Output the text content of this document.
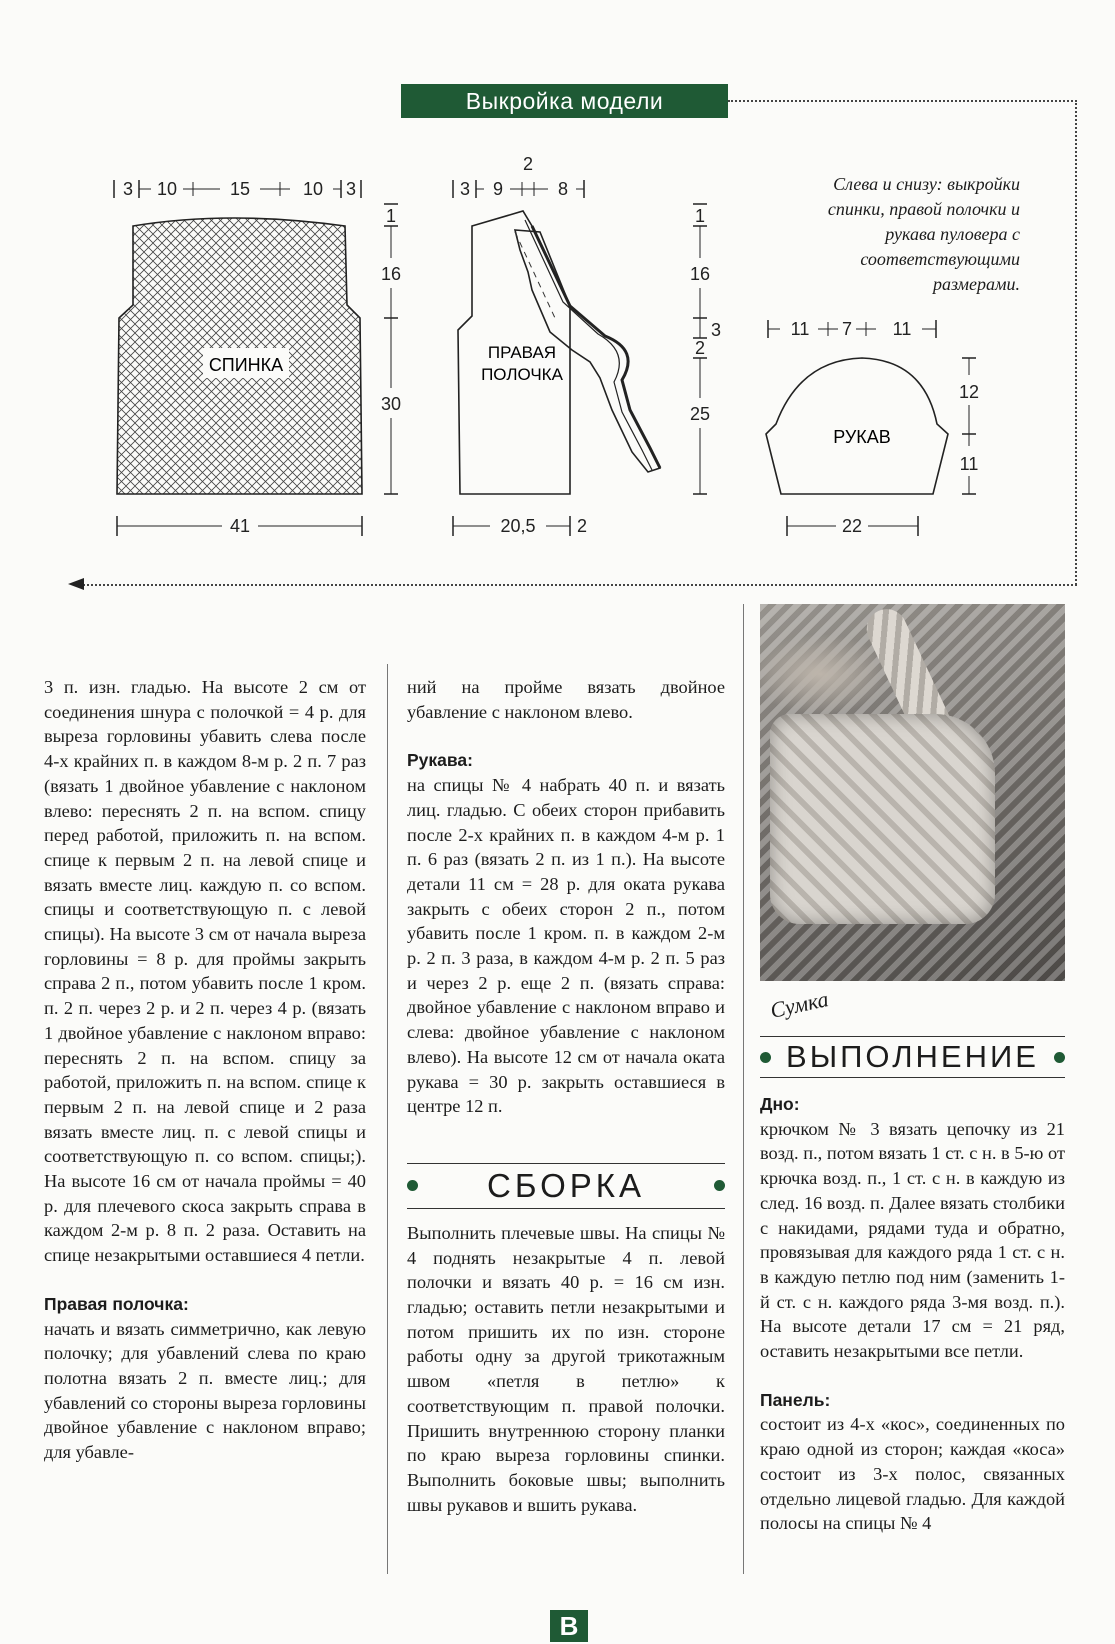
Выкройка модели
СПИНКА
3 10	15	10 3
1
16
30
41
ПРАВАЯ
ПОЛОЧКА
3 9
2
8
1
16
3
2
25
20,5 2
РУКАВ
11 7 11
12
11
22
Слева и снизу: выкройки спинки, правой полочки и рукава пуловера с соответствующими размерами.

3 п. изн. гладью. На высоте 2 см от соединения шнура с полочкой = 4 р. для выреза горловины убавить слева после 4-х крайних п. в каждом 8-м р. 2 п. 7 раз (вязать 1 двойное убавление с наклоном влево: переснять 2 п. на вспом. спицу перед работой, приложить п. на вспом. спице к первым 2 п. на левой спице и вязать вместе лиц. каждую п. со вспом. спицы и соответствующую п. с левой спицы). На высоте 3 см от начала выреза горловины = 8 р. для проймы закрыть справа 2 п., потом убавить после 1 кром. п. 2 п. через 2 р. и 2 п. через 4 р. (вязать 1 двойное убавление с наклоном вправо: переснять 2 п. на вспом. спицу за работой, приложить п. на вспом. спице к первым 2 п. на левой спице и 2 раза вязать вместе лиц. п. с левой спицы и соответствующую п. со вспом. спицы;). На высоте 16 см от начала проймы = 40 р. для плечевого скоса закрыть справа в каждом 2-м р. 8 п. 2 раза. Оставить на спице незакрытыми оставшиеся 4 петли.

Правая полочка:

начать и вязать симметрично, как левую полочку; для убавлений слева по краю полотна вязать 2 п. вместе лиц.; для убавлений со стороны выреза горловины двойное убавление с наклоном вправо; для убавле-

ний на пройме вязать двойное убавление с наклоном влево.

Рукава:

на спицы № 4 набрать 40 п. и вязать лиц. гладью. С обеих сторон прибавить после 2-х крайних п. в каждом 4-м р. 1 п. 6 раз (вязать 2 п. из 1 п.). На высоте детали 11 см = 28 р. для оката рукава закрыть с обеих сторон 2 п., потом убавить после 1 кром. п. в каждом 2-м р. 2 п. 3 раза, в каждом 4-м р. 2 п. 5 раз и через 2 р. еще 2 п. (вязать справа: двойное убавление с наклоном вправо и слева: двойное убавление с наклоном влево). На высоте 12 см от начала оката рукава = 30 р. закрыть оставшиеся в центре 12 п.

СБОРКА

Выполнить плечевые швы. На спицы № 4 поднять незакрытые 4 п. левой полочки и вязать 40 р. = 16 см изн. гладью; оставить петли незакрытыми и потом пришить их по изн. стороне работы одну за другой трикотажным швом «петля в петлю» к соответствующим п. правой полочки. Пришить внутреннюю сторону планки по краю выреза горловины спинки. Выполнить боковые швы; выполнить швы рукавов и вшить рукава.

Сумка
ВЫПОЛНЕНИЕ

Дно:

крючком № 3 вязать цепочку из 21 возд. п., потом вязать 1 ст. с н. в 5-ю от крючка возд. п., 1 ст. с н. в каждую из след. 16 возд. п. Далее вязать столбики с накидами, рядами туда и обратно, провязывая для каждого ряда 1 ст. с н. в каждую петлю под ним (заменить 1-й ст. с н. каждого ряда 3-мя возд. п.). На высоте детали 17 см = 21 ряд, оставить незакрытыми все петли.

Панель:

состоит из 4-х «кос», соединенных по краю одной из сторон; каждая «коса» состоит из 3-х полос, связанных отдельно лицевой гладью. Для каждой полосы на спицы № 4

B
